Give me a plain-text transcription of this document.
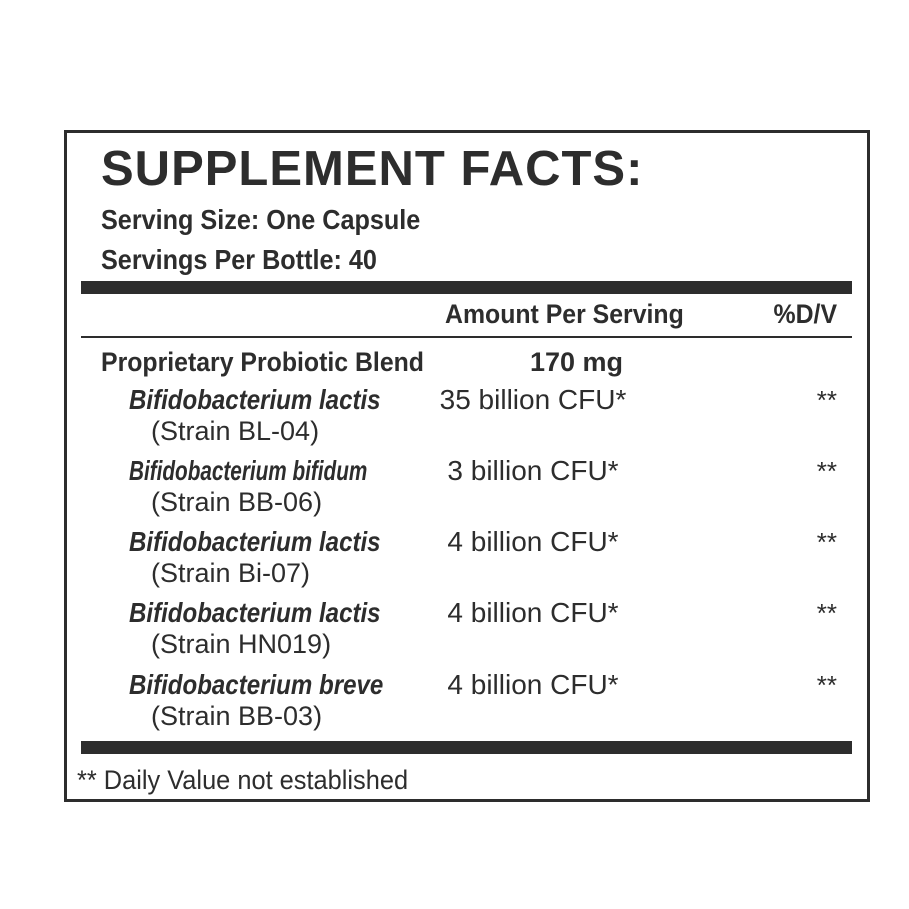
SUPPLEMENT FACTS:
Serving Size: One Capsule
Servings Per Bottle: 40
Amount Per Serving	%D/V
Proprietary Probiotic Blend	170 mg
Bifidobacterium lactis
(Strain BL-04)
35 billion CFU*	**
Bifidobacterium bifidum
(Strain BB-06)
3 billion CFU*	**
Bifidobacterium lactis
(Strain Bi-07)
4 billion CFU*	**
Bifidobacterium lactis
(Strain HN019)
4 billion CFU*	**
Bifidobacterium breve
(Strain BB-03)
4 billion CFU*	**
** Daily Value not established
